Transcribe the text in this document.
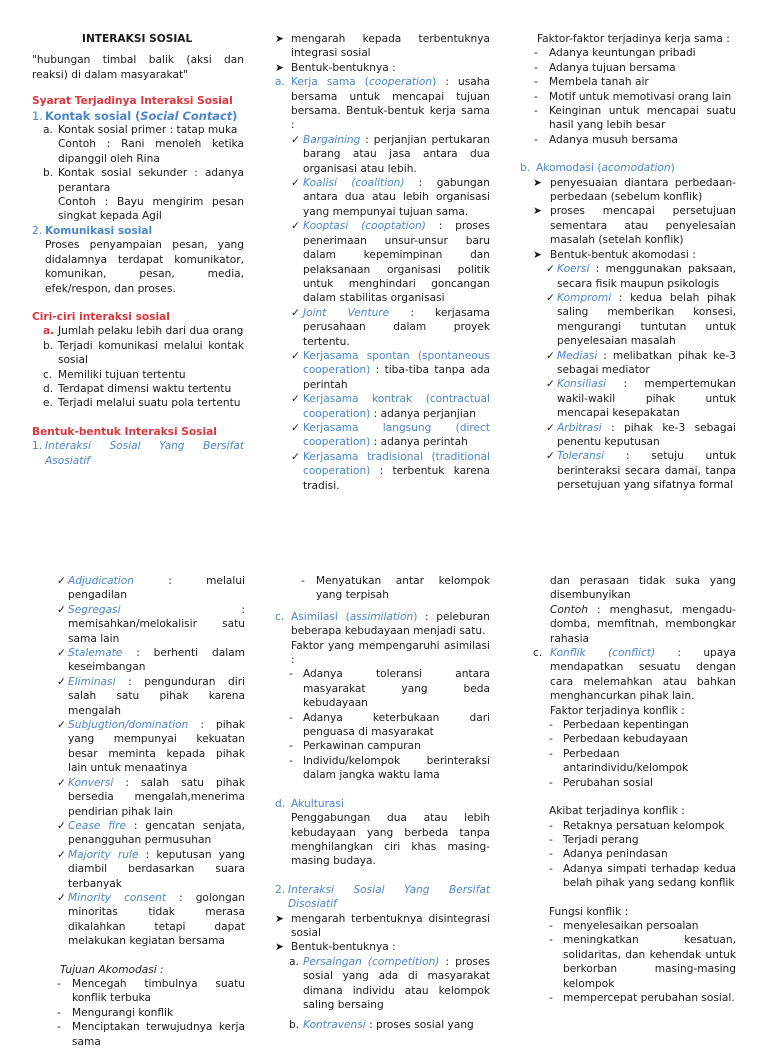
INTERAKSI SOSIAL
"hubungan timbal balik (aksi dan reaksi) di dalam masyarakat"
Syarat Terjadinya Interaksi Sosial
1. Kontak sosial (Social Contact)
a. Kontak sosial primer : tatap muka
Contoh : Rani menoleh ketika dipanggil oleh Rina
b. Kontak sosial sekunder : adanya perantara
Contoh : Bayu mengirim pesan singkat kepada Agil
2. Komunikasi sosial
Proses penyampaian pesan, yang didalamnya terdapat komunikator, komunikan, pesan, media, efek/respon, dan proses.
Ciri-ciri interaksi sosial
a. Jumlah pelaku lebih dari dua orang
b. Terjadi komunikasi melalui kontak sosial
c. Memiliki tujuan tertentu
d. Terdapat dimensi waktu tertentu
e. Terjadi melalui suatu pola tertentu
Bentuk-bentuk Interaksi Sosial
1. Interaksi Sosial Yang Bersifat Asosiatif
➤ mengarah kepada terbentuknya integrasi sosial
➤ Bentuk-bentuknya :
a. Kerja sama (cooperation) : usaha bersama untuk mencapai tujuan bersama. Bentuk-bentuk kerja sama :
✓ Bargaining : perjanjian pertukaran barang atau jasa antara dua organisasi atau lebih.
✓ Koalisi (coalition) : gabungan antara dua atau lebih organisasi yang mempunyai tujuan sama.
✓ Kooptasi (cooptation) : proses penerimaan unsur-unsur baru dalam kepemimpinan dan pelaksanaan organisasi politik untuk menghindari goncangan dalam stabilitas organisasi
✓ Joint Venture : kerjasama perusahaan dalam proyek tertentu.
✓ Kerjasama spontan (spontaneous cooperation) : tiba-tiba tanpa ada perintah
✓ Kerjasama kontrak (contractual cooperation) : adanya perjanjian
✓ Kerjasama langsung (direct cooperation) : adanya perintah
✓ Kerjasama tradisional (traditional cooperation) : terbentuk karena tradisi.
Faktor-faktor terjadinya kerja sama :
- Adanya keuntungan pribadi
- Adanya tujuan bersama
- Membela tanah air
- Motif untuk memotivasi orang lain
- Keinginan untuk mencapai suatu hasil yang lebih besar
- Adanya musuh bersama
b. Akomodasi (acomodation)
➤ penyesuaian diantara perbedaan-perbedaan (sebelum konflik)
➤ proses mencapai persetujuan sementara atau penyelesaian masalah (setelah konflik)
➤ Bentuk-bentuk akomodasi :
✓ Koersi : menggunakan paksaan, secara fisik maupun psikologis
✓ Kompromi : kedua belah pihak saling memberikan konsesi, mengurangi tuntutan untuk penyelesaian masalah
✓ Mediasi : melibatkan pihak ke-3 sebagai mediator
✓ Konsiliasi : mempertemukan wakil-wakil pihak untuk mencapai kesepakatan
✓ Arbitrasi : pihak ke-3 sebagai penentu keputusan
✓ Toleransi : setuju untuk berinteraksi secara damai, tanpa persetujuan yang sifatnya formal
✓ Adjudication : melalui pengadilan
✓ Segregasi : memisahkan/melokalisir satu sama lain
✓ Stalemate : berhenti dalam keseimbangan
✓ Eliminasi : pengunduran diri salah satu pihak karena mengalah
✓ Subjugtion/domination : pihak yang mempunyai kekuatan besar meminta kepada pihak lain untuk menaatinya
✓ Konversi : salah satu pihak bersedia mengalah,menerima pendirian pihak lain
✓ Cease fire : gencatan senjata, penangguhan permusuhan
✓ Majority rule : keputusan yang diambil berdasarkan suara terbanyak
✓ Minority consent : golongan minoritas tidak merasa dikalahkan tetapi dapat melakukan kegiatan bersama
Tujuan Akomodasi :
- Mencegah timbulnya suatu konflik terbuka
- Mengurangi konflik
- Menciptakan terwujudnya kerja sama
- Menyatukan antar kelompok yang terpisah
c. Asimilasi (assimilation) : peleburan beberapa kebudayaan menjadi satu.
Faktor yang mempengaruhi asimilasi :
- Adanya toleransi antara masyarakat yang beda kebudayaan
- Adanya keterbukaan dari penguasa di masyarakat
- Perkawinan campuran
- Individu/kelompok berinteraksi dalam jangka waktu lama
d. Akulturasi
Penggabungan dua atau lebih kebudayaan yang berbeda tanpa menghilangkan ciri khas masing-masing budaya.
2. Interaksi Sosial Yang Bersifat Disosiatif
➤ mengarah terbentuknya disintegrasi sosial
➤ Bentuk-bentuknya :
a. Persaingan (competition) : proses sosial yang ada di masyarakat dimana individu atau kelompok saling bersaing
b. Kontravensi : proses sosial yang
dan perasaan tidak suka yang disembunyikan
Contoh : menghasut, mengadu-domba, memfitnah, membongkar rahasia
c. Konflik (conflict) : upaya mendapatkan sesuatu dengan cara melemahkan atau bahkan menghancurkan pihak lain.
Faktor terjadinya konflik :
- Perbedaan kepentingan
- Perbedaan kebudayaan
- Perbedaan antarindividu/kelompok
- Perubahan sosial
Akibat terjadinya konflik :
- Retaknya persatuan kelompok
- Terjadi perang
- Adanya penindasan
- Adanya simpati terhadap kedua belah pihak yang sedang konflik
Fungsi konflik :
- menyelesaikan persoalan
- meningkatkan kesatuan, solidaritas, dan kehendak untuk berkorban masing-masing kelompok
- mempercepat perubahan sosial.
